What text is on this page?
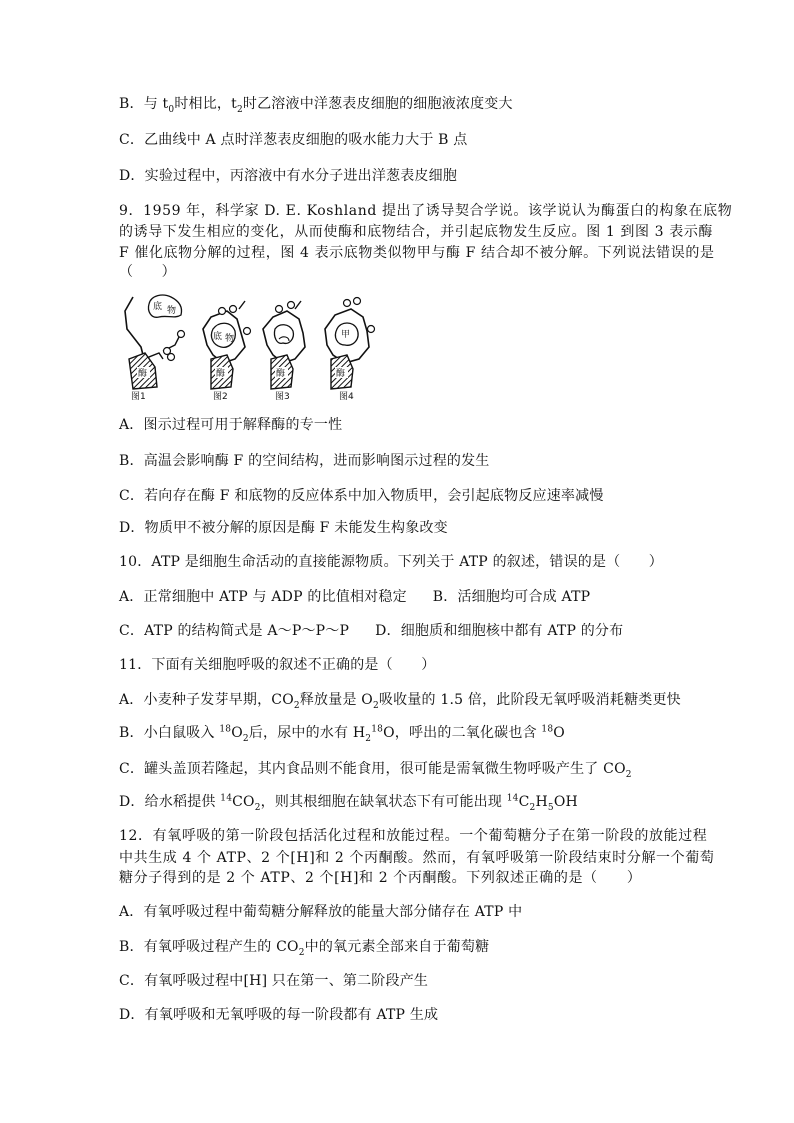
B．与 $t_0$时相比，$t_2$时乙溶液中洋葱表皮细胞的细胞液浓度变大
C．乙曲线中 A 点时洋葱表皮细胞的吸水能力大于 B 点
D．实验过程中，丙溶液中有水分子进出洋葱表皮细胞
9．1959 年，科学家 D. E. Koshland 提出了诱导契合学说。该学说认为酶蛋白的构象在底物
的诱导下发生相应的变化，从而使酶和底物结合，并引起底物发生反应。图 1 到图 3 表示酶
F 催化底物分解的过程，图 4 表示底物类似物甲与酶 F 结合却不被分解。下列说法错误的是
（　　）
底 物
酶
图1
底 物
酶
图2
酶
图3
甲
酶
图4
A．图示过程可用于解释酶的专一性
B．高温会影响酶 F 的空间结构，进而影响图示过程的发生
C．若向存在酶 F 和底物的反应体系中加入物质甲，会引起底物反应速率减慢
D．物质甲不被分解的原因是酶 F 未能发生构象改变
10．ATP 是细胞生命活动的直接能源物质。下列关于 ATP 的叙述，错误的是（　　）
A．正常细胞中 ATP 与 ADP 的比值相对稳定 B．活细胞均可合成 ATP
C．ATP 的结构简式是 A～P～P～P D．细胞质和细胞核中都有 ATP 的分布
11．下面有关细胞呼吸的叙述不正确的是（　　）
A．小麦种子发芽早期，$CO_2$释放量是 $O_2$吸收量的 1.5 倍，此阶段无氧呼吸消耗糖类更快
B．小白鼠吸入 $^{18}O_2$后，尿中的水有 $H_2^{18}O$，呼出的二氧化碳也含 $^{18}$O
C．罐头盖顶若隆起，其内食品则不能食用，很可能是需氧微生物呼吸产生了 $CO_2$
D．给水稻提供 $^{14}CO_2$，则其根细胞在缺氧状态下有可能出现 $^{14}C_2H_5OH$
12．有氧呼吸的第一阶段包括活化过程和放能过程。一个葡萄糖分子在第一阶段的放能过程
中共生成 4 个 ATP、2 个[H]和 2 个丙酮酸。然而，有氧呼吸第一阶段结束时分解一个葡萄
糖分子得到的是 2 个 ATP、2 个[H]和 2 个丙酮酸。下列叙述正确的是（　　）
A．有氧呼吸过程中葡萄糖分解释放的能量大部分储存在 ATP 中
B．有氧呼吸过程产生的 $CO_2$中的氧元素全部来自于葡萄糖
C．有氧呼吸过程中[H] 只在第一、第二阶段产生
D．有氧呼吸和无氧呼吸的每一阶段都有 ATP 生成
